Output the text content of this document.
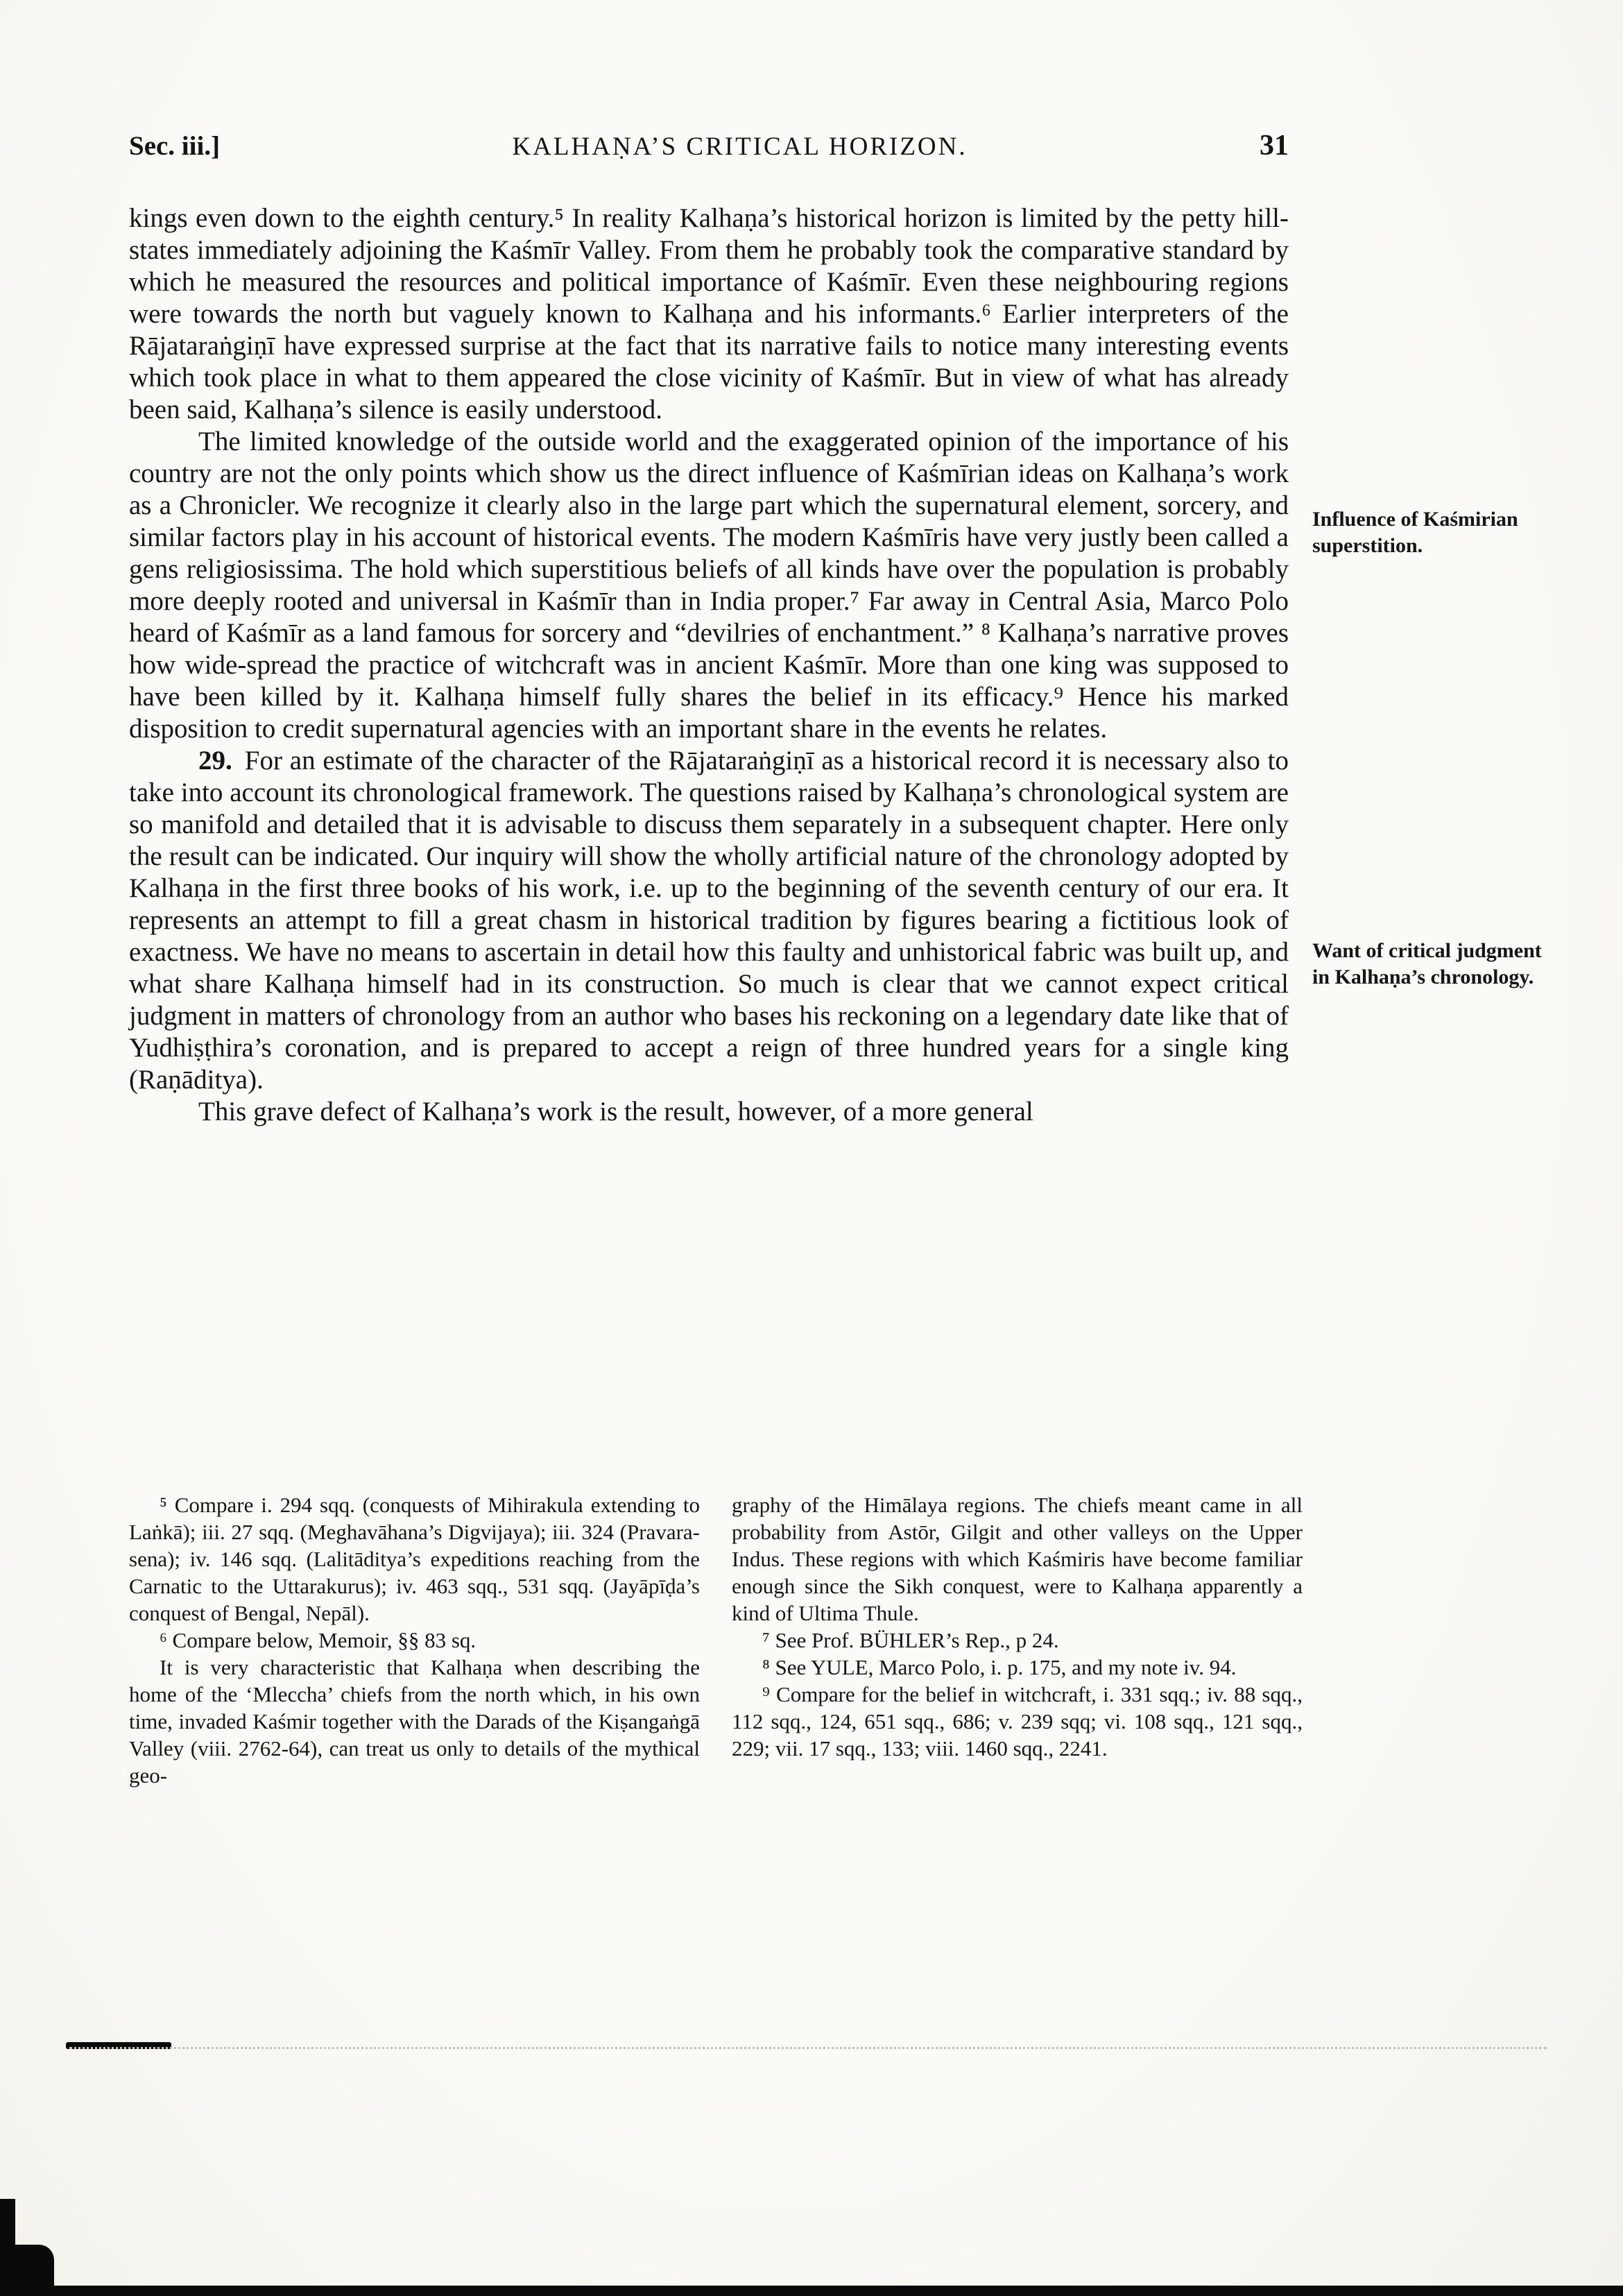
Sec. iii.]	KALHAṆA’S CRITICAL HORIZON.	31

kings even down to the eighth century.⁵ In reality Kalhaṇa’s historical horizon is limited by the petty hill-states immediately adjoining the Kaśmīr Valley. From them he probably took the comparative standard by which he measured the resources and political importance of Kaśmīr. Even these neighbouring regions were towards the north but vaguely known to Kalhaṇa and his informants.⁶ Earlier interpreters of the Rājataraṅgiṇī have expressed surprise at the fact that its narrative fails to notice many interesting events which took place in what to them appeared the close vicinity of Kaśmīr. But in view of what has already been said, Kalhaṇa’s silence is easily understood.

The limited knowledge of the outside world and the exaggerated opinion of the importance of his country are not the only points which show us the direct influence of Kaśmīrian ideas on Kalhaṇa’s work as a Chronicler. We recognize it clearly also in the large part which the supernatural element, sorcery, and similar factors play in his account of historical events. The modern Kaśmīris have very justly been called a gens religiosissima. The hold which superstitious beliefs of all kinds have over the population is probably more deeply rooted and universal in Kaśmīr than in India proper.⁷ Far away in Central Asia, Marco Polo heard of Kaśmīr as a land famous for sorcery and “devilries of enchantment.” ⁸ Kalhaṇa’s narrative proves how wide-spread the practice of witchcraft was in ancient Kaśmīr. More than one king was supposed to have been killed by it. Kalhaṇa himself fully shares the belief in its efficacy.⁹ Hence his marked disposition to credit supernatural agencies with an important share in the events he relates.

29. For an estimate of the character of the Rājataraṅgiṇī as a historical record it is necessary also to take into account its chronological framework. The questions raised by Kalhaṇa’s chronological system are so manifold and detailed that it is advisable to discuss them separately in a subsequent chapter. Here only the result can be indicated. Our inquiry will show the wholly artificial nature of the chronology adopted by Kalhaṇa in the first three books of his work, i.e. up to the beginning of the seventh century of our era. It represents an attempt to fill a great chasm in historical tradition by figures bearing a fictitious look of exactness. We have no means to ascertain in detail how this faulty and unhistorical fabric was built up, and what share Kalhaṇa himself had in its construction. So much is clear that we cannot expect critical judgment in matters of chronology from an author who bases his reckoning on a legendary date like that of Yudhiṣṭhira’s coronation, and is prepared to accept a reign of three hundred years for a single king (Raṇāditya).

This grave defect of Kalhaṇa’s work is the result, however, of a more general

Influence of Kaśmirian superstition.
Want of critical judgment in Kalhaṇa’s chronology.

⁵ Compare i. 294 sqq. (conquests of Mihirakula extending to Laṅkā); iii. 27 sqq. (Meghavāhana’s Digvijaya); iii. 324 (Pravarasena); iv. 146 sqq. (Lalitāditya’s expeditions reaching from the Carnatic to the Uttarakurus); iv. 463 sqq., 531 sqq. (Jayāpīḍa’s conquest of Bengal, Nepāl).

⁶ Compare below, Memoir, §§ 83 sq.

It is very characteristic that Kalhaṇa when describing the home of the ‘Mleccha’ chiefs from the north which, in his own time, invaded Kaśmir together with the Darads of the Kiṣangaṅgā Valley (viii. 2762-64), can treat us only to details of the mythical geo-

graphy of the Himālaya regions. The chiefs meant came in all probability from Astōr, Gilgit and other valleys on the Upper Indus. These regions with which Kaśmiris have become familiar enough since the Sikh conquest, were to Kalhaṇa apparently a kind of Ultima Thule.

⁷ See Prof. BÜHLER’s Rep., p 24.

⁸ See YULE, Marco Polo, i. p. 175, and my note iv. 94.

⁹ Compare for the belief in witchcraft, i. 331 sqq.; iv. 88 sqq., 112 sqq., 124, 651 sqq., 686; v. 239 sqq; vi. 108 sqq., 121 sqq., 229; vii. 17 sqq., 133; viii. 1460 sqq., 2241.
